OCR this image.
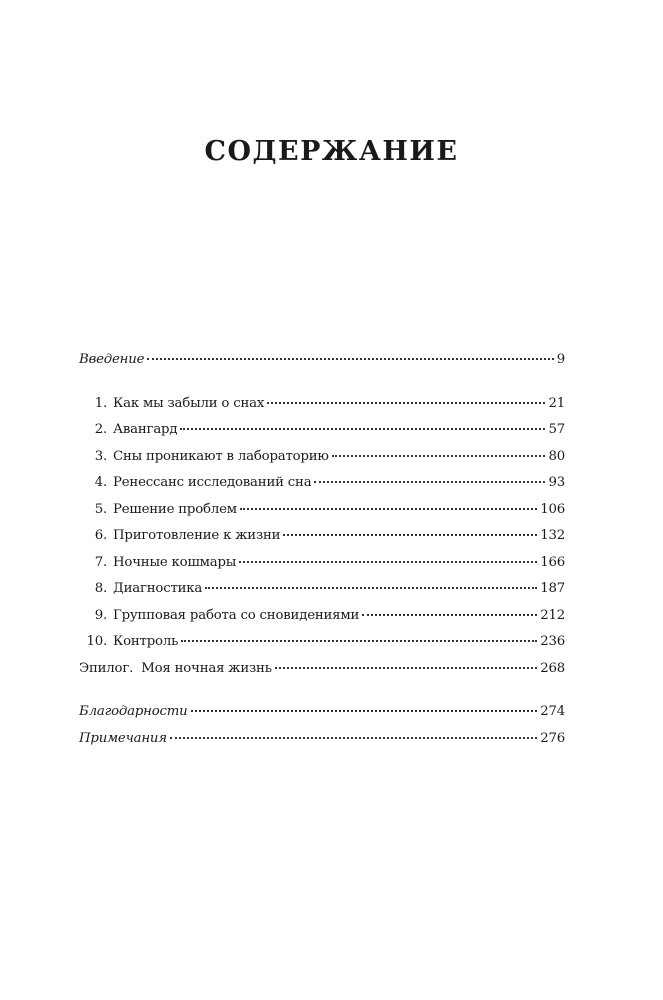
СОДЕРЖАНИЕ
Введение	9
1. Как мы забыли о снах	21
2. Авангард	57
3. Сны проникают в лабораторию	80
4. Ренессанс исследований сна	93
5. Решение проблем	106
6. Приготовление к жизни	132
7. Ночные кошмары	166
8. Диагностика	187
9. Групповая работа со сновидениями	212
10. Контроль	236
Эпилог.  Моя ночная жизнь	268
Благодарности	274
Примечания	276
